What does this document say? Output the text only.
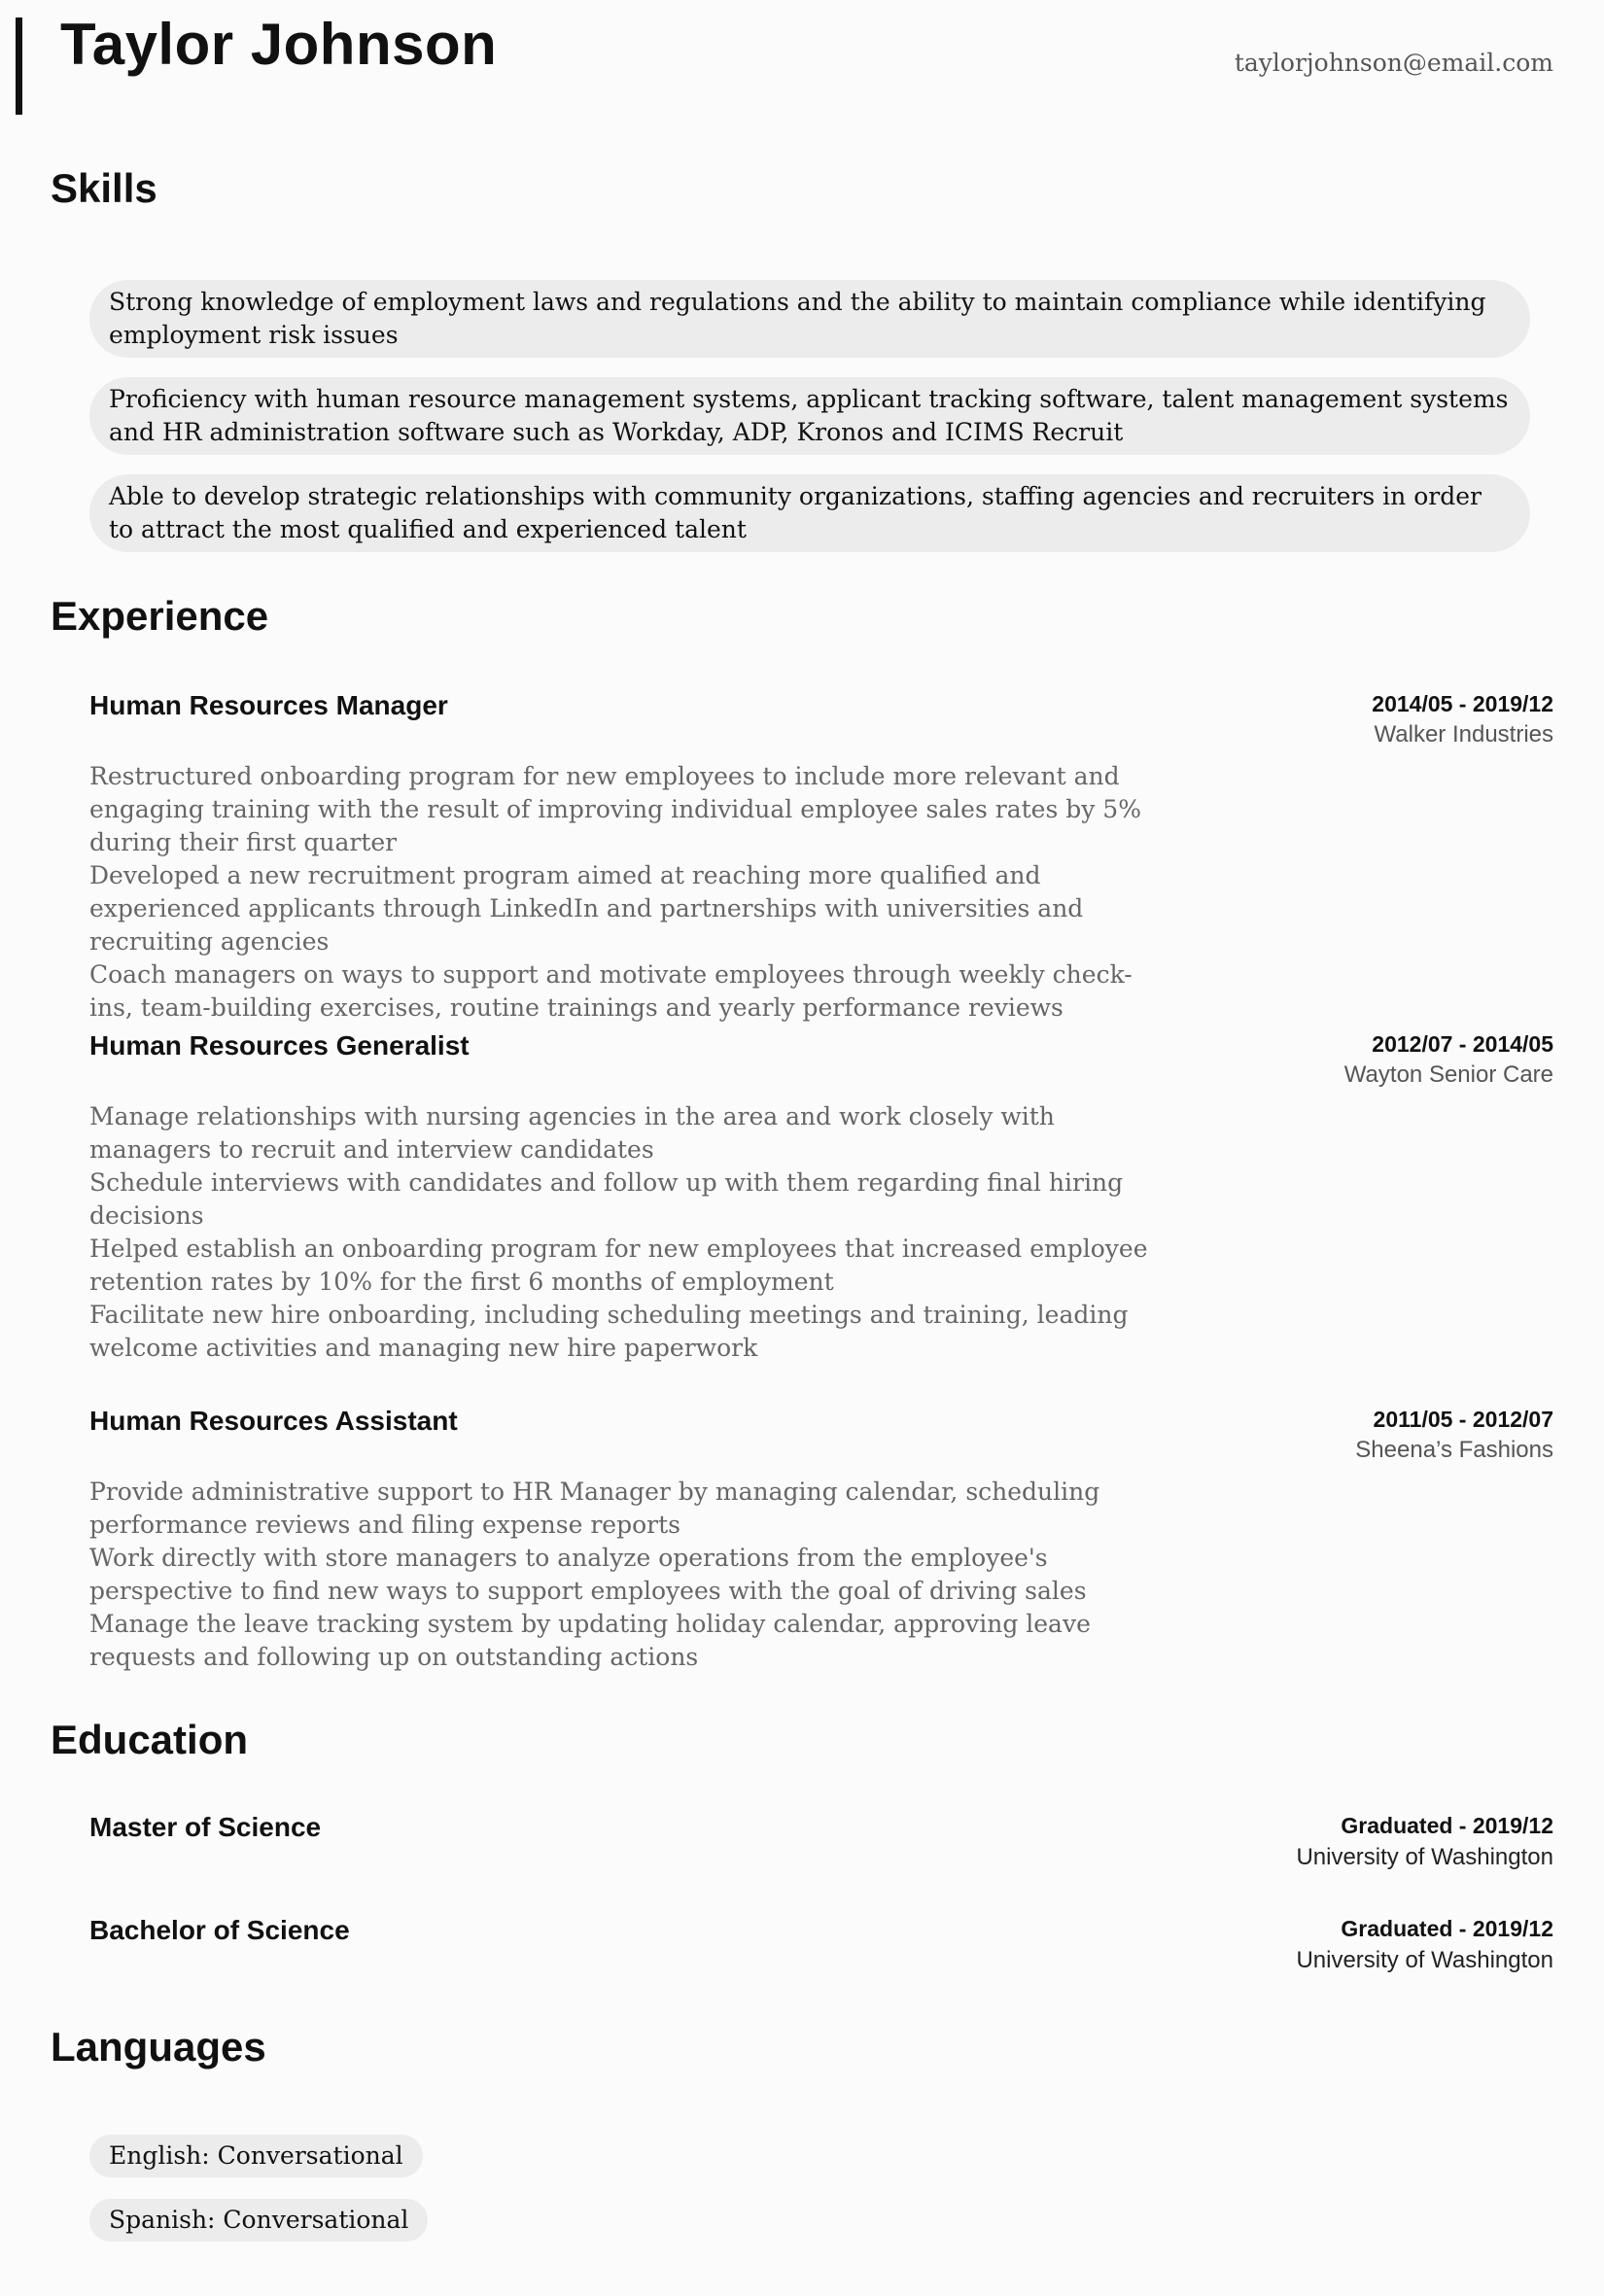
Taylor Johnson	taylorjohnson@email.com
Skills
Strong knowledge of employment laws and regulations and the ability to maintain compliance while identifying employment risk issues
Proficiency with human resource management systems, applicant tracking software, talent management systems and HR administration software such as Workday, ADP, Kronos and ICIMS Recruit
Able to develop strategic relationships with community organizations, staffing agencies and recruiters in order to attract the most qualified and experienced talent
Experience
Human Resources Manager	2014/05 - 2019/12
Walker Industries

Restructured onboarding program for new employees to include more relevant and engaging training with the result of improving individual employee sales rates by 5% during their first quarter

Developed a new recruitment program aimed at reaching more qualified and experienced applicants through LinkedIn and partnerships with universities and recruiting agencies

Coach managers on ways to support and motivate employees through weekly check-ins, team-building exercises, routine trainings and yearly performance reviews

Human Resources Generalist	2012/07 - 2014/05
Wayton Senior Care

Manage relationships with nursing agencies in the area and work closely with managers to recruit and interview candidates

Schedule interviews with candidates and follow up with them regarding final hiring decisions

Helped establish an onboarding program for new employees that increased employee retention rates by 10% for the first 6 months of employment

Facilitate new hire onboarding, including scheduling meetings and training, leading welcome activities and managing new hire paperwork

Human Resources Assistant	2011/05 - 2012/07
Sheena’s Fashions

Provide administrative support to HR Manager by managing calendar, scheduling performance reviews and filing expense reports

Work directly with store managers to analyze operations from the employee's perspective to find new ways to support employees with the goal of driving sales

Manage the leave tracking system by updating holiday calendar, approving leave requests and following up on outstanding actions

Education
Master of Science	Graduated - 2019/12
University of Washington
Bachelor of Science	Graduated - 2019/12
University of Washington
Languages
English: Conversational
Spanish: Conversational
